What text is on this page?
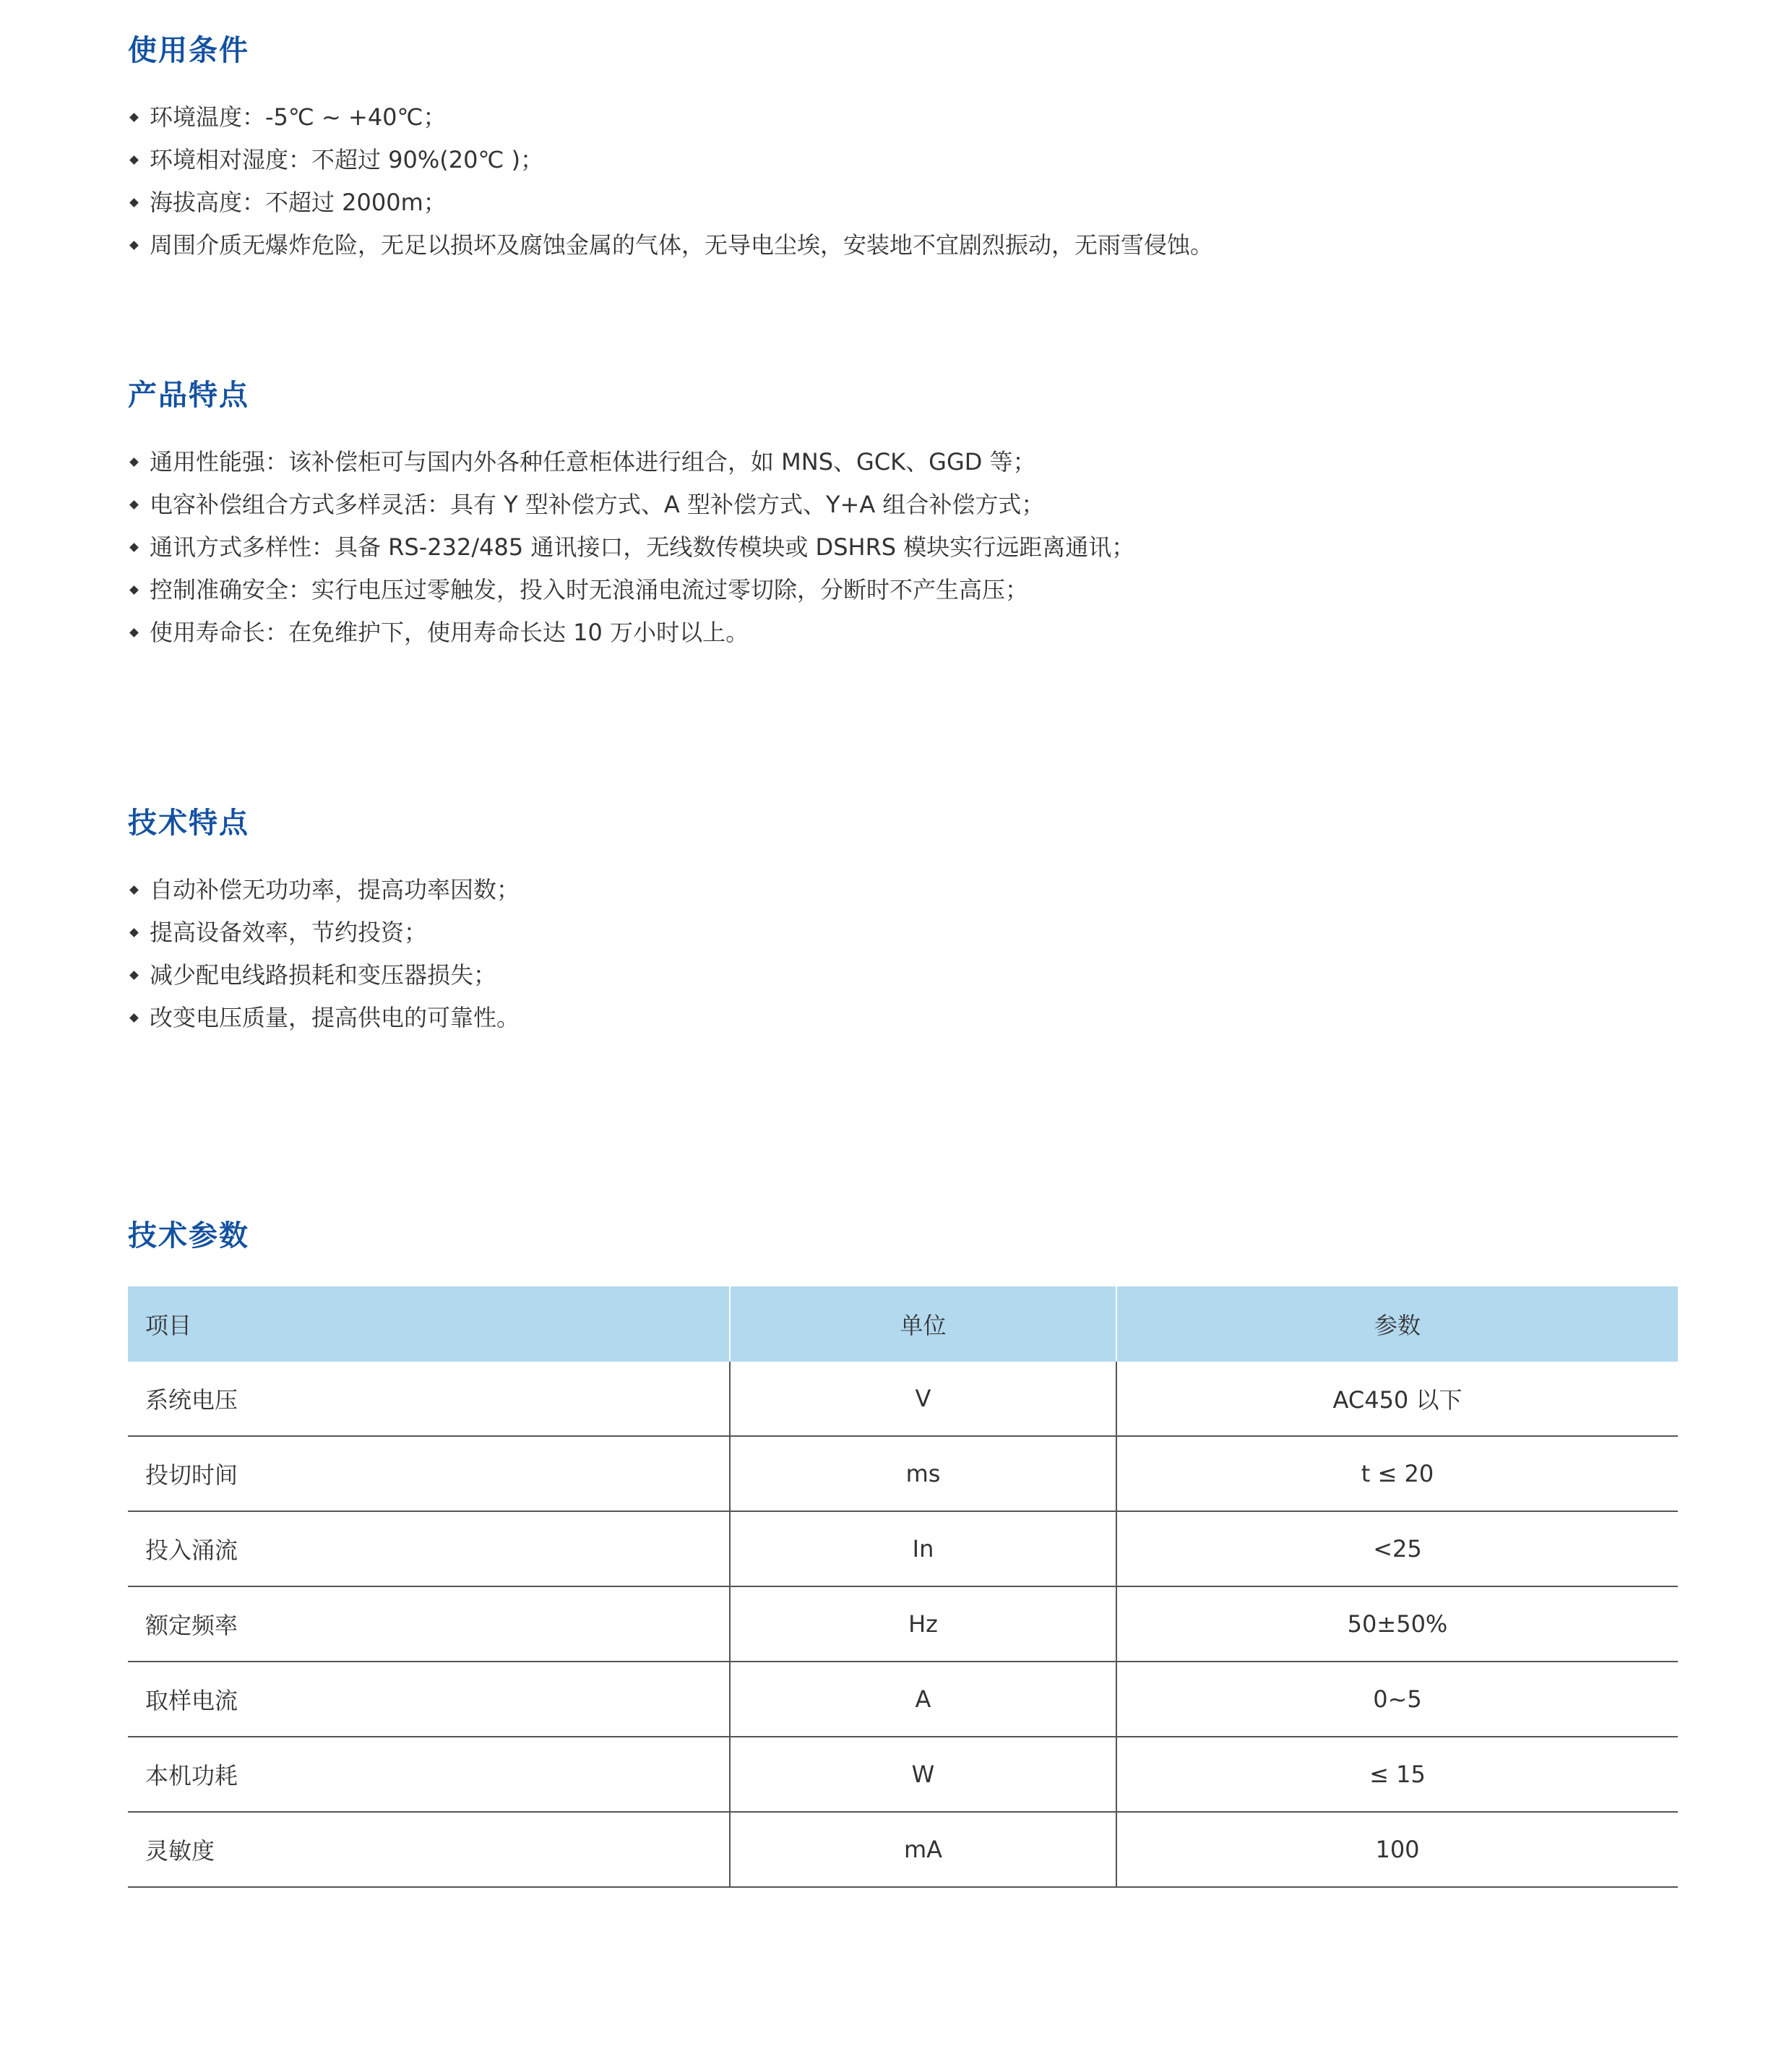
使用条件
环境温度：-5℃ ~ +40℃；
环境相对湿度：不超过 90%(20℃ )；
海拔高度：不超过 2000m；
周围介质无爆炸危险，无足以损坏及腐蚀金属的气体，无导电尘埃，安装地不宜剧烈振动，无雨雪侵蚀。
产品特点
通用性能强：该补偿柜可与国内外各种任意柜体进行组合，如 MNS、GCK、GGD 等；
电容补偿组合方式多样灵活：具有 Y 型补偿方式、A 型补偿方式、Y+A 组合补偿方式；
通讯方式多样性：具备 RS-232/485 通讯接口，无线数传模块或 DSHRS 模块实行远距离通讯；
控制准确安全：实行电压过零触发，投入时无浪涌电流过零切除，分断时不产生高压；
使用寿命长：在免维护下，使用寿命长达 10 万小时以上。
技术特点
自动补偿无功功率，提高功率因数；
提高设备效率，节约投资；
减少配电线路损耗和变压器损失；
改变电压质量，提高供电的可靠性。
技术参数
项目	单位	参数
系统电压	V	AC450 以下
投切时间	ms	t ≤ 20
投入涌流	In	<25
额定频率	Hz	50±50%
取样电流	A	0~5
本机功耗	W	≤ 15
灵敏度	mA	100
